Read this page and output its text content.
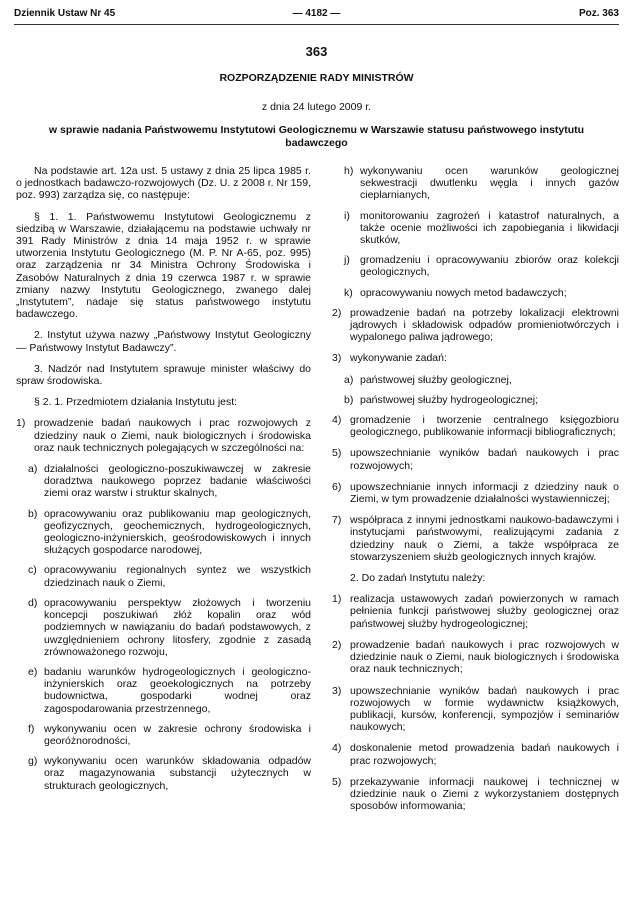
Dziennik Ustaw Nr 45	— 4182 —	Poz. 363
363
ROZPORZĄDZENIE RADY MINISTRÓW
z dnia 24 lutego 2009 r.
w sprawie nadania Państwowemu Instytutowi Geologicznemu w Warszawie statusu państwowego instytutu badawczego

Na podstawie art. 12a ust. 5 ustawy z dnia 25 lipca 1985 r. o jednostkach badawczo-rozwojowych (Dz. U. z 2008 r. Nr 159, poz. 993) zarządza się, co następuje:

§ 1. 1. Państwowemu Instytutowi Geologicznemu z siedzibą w Warszawie, działającemu na podstawie uchwały nr 391 Rady Ministrów z dnia 14 maja 1952 r. w sprawie utworzenia Instytutu Geologicznego (M. P. Nr A-65, poz. 995) oraz zarządzenia nr 34 Ministra Ochrony Środowiska i Zasobów Naturalnych z dnia 19 czerwca 1987 r. w sprawie zmiany nazwy Instytutu Geologicznego, zwanego dalej „Instytutem”, nadaje się status państwowego instytutu badawczego.

2. Instytut używa nazwy „Państwowy Instytut Geologiczny — Państwowy Instytut Badawczy”.

3. Nadzór nad Instytutem sprawuje minister właściwy do spraw środowiska.

§ 2. 1. Przedmiotem działania Instytutu jest:

1) prowadzenie badań naukowych i prac rozwojowych z dziedziny nauk o Ziemi, nauk biologicznych i środowiska oraz nauk technicznych polegających w szczególności na:
a) działalności geologiczno-poszukiwawczej w zakresie doradztwa naukowego poprzez badanie właściwości ziemi oraz warstw i struktur skalnych,
b) opracowywaniu oraz publikowaniu map geologicznych, geofizycznych, geochemicznych, hydrogeologicznych, geologiczno-inżynierskich, geośrodowiskowych i innych służących gospodarce narodowej,
c) opracowywaniu regionalnych syntez we wszystkich dziedzinach nauk o Ziemi,
d) opracowywaniu perspektyw złożowych i tworzeniu koncepcji poszukiwań złóż kopalin oraz wód podziemnych w nawiązaniu do badań podstawowych, z uwzględnieniem ochrony litosfery, zgodnie z zasadą zrównoważonego rozwoju,
e) badaniu warunków hydrogeologicznych i geologiczno-inżynierskich oraz geoekologicznych na potrzeby budownictwa, gospodarki wodnej oraz zagospodarowania przestrzennego,
f) wykonywaniu ocen w zakresie ochrony środowiska i georóżnorodności,
g) wykonywaniu ocen warunków składowania odpadów oraz magazynowania substancji użytecznych w strukturach geologicznych,
h) wykonywaniu ocen warunków geologicznej sekwestracji dwutlenku węgla i innych gazów cieplarnianych,
i) monitorowaniu zagrożeń i katastrof naturalnych, a także ocenie możliwości ich zapobiegania i likwidacji skutków,
j) gromadzeniu i opracowywaniu zbiorów oraz kolekcji geologicznych,
k) opracowywaniu nowych metod badawczych;
2) prowadzenie badań na potrzeby lokalizacji elektrowni jądrowych i składowisk odpadów promieniotwórczych i wypalonego paliwa jądrowego;
3) wykonywanie zadań:
a) państwowej służby geologicznej,
b) państwowej służby hydrogeologicznej;
4) gromadzenie i tworzenie centralnego księgozbioru geologicznego, publikowanie informacji bibliograficznych;
5) upowszechnianie wyników badań naukowych i prac rozwojowych;
6) upowszechnianie innych informacji z dziedziny nauk o Ziemi, w tym prowadzenie działalności wystawienniczej;
7) współpraca z innymi jednostkami naukowo-badawczymi i instytucjami państwowymi, realizującymi zadania z dziedziny nauk o Ziemi, a także współpraca ze stowarzyszeniem służb geologicznych innych krajów.

2. Do zadań Instytutu należy:

1) realizacja ustawowych zadań powierzonych w ramach pełnienia funkcji państwowej służby geologicznej oraz państwowej służby hydrogeologicznej;
2) prowadzenie badań naukowych i prac rozwojowych w dziedzinie nauk o Ziemi, nauk biologicznych i środowiska oraz nauk technicznych;
3) upowszechnianie wyników badań naukowych i prac rozwojowych w formie wydawnictw książkowych, publikacji, kursów, konferencji, sympozjów i seminariów naukowych;
4) doskonalenie metod prowadzenia badań naukowych i prac rozwojowych;
5) przekazywanie informacji naukowej i technicznej w dziedzinie nauk o Ziemi z wykorzystaniem dostępnych sposobów informowania;
